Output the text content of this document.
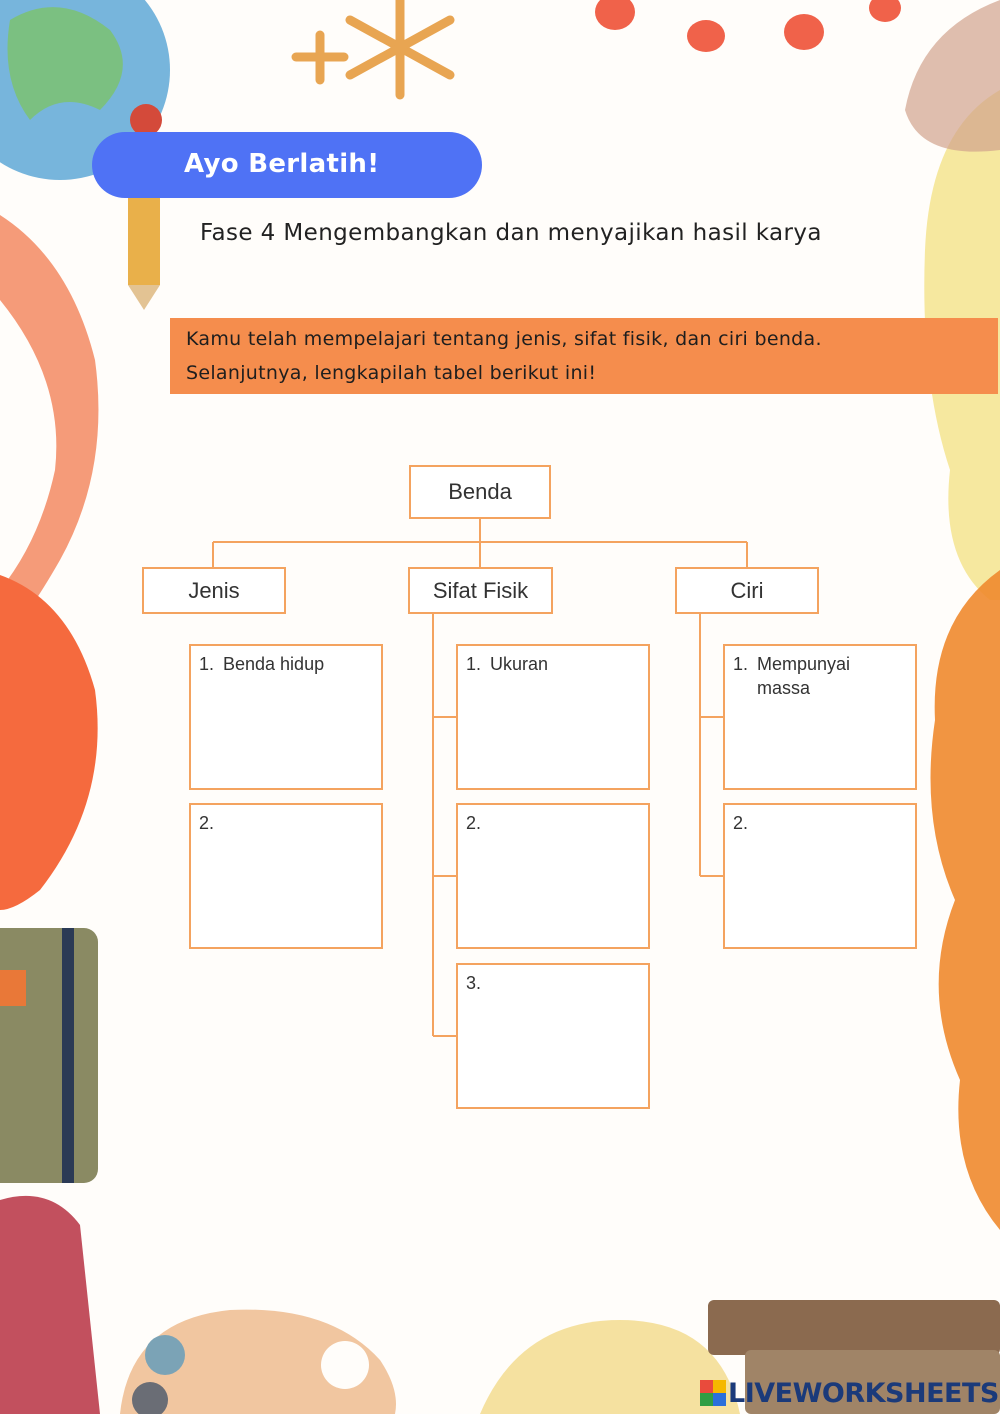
Ayo Berlatih!
Fase 4 Mengembangkan dan menyajikan hasil karya
Kamu telah mempelajari tentang jenis, sifat fisik, dan ciri benda.
Selanjutnya, lengkapilah tabel berikut ini!
Benda
Jenis	Sifat Fisik	Ciri
1. Benda hidup
2.
1. Ukuran
2.
3.
1. Mempunyai
massa
2.
LIVEWORKSHEETS
